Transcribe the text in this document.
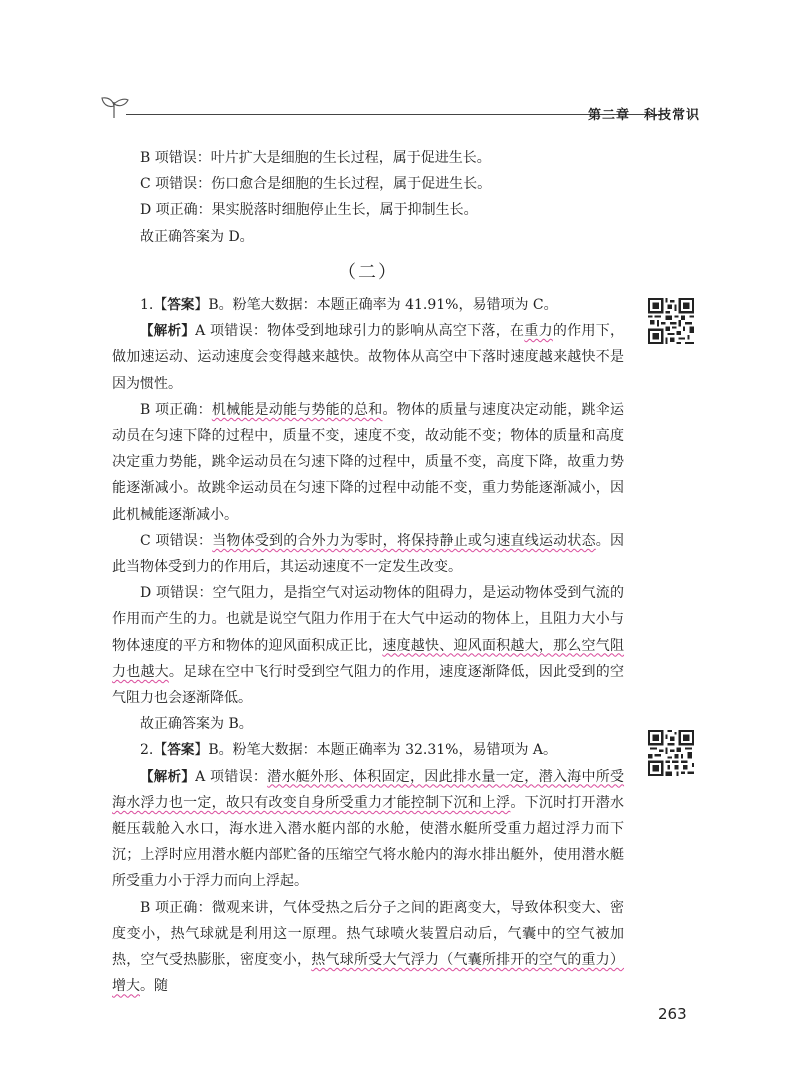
第二章 科技常识

B 项错误：叶片扩大是细胞的生长过程，属于促进生长。

C 项错误：伤口愈合是细胞的生长过程，属于促进生长。

D 项正确：果实脱落时细胞停止生长，属于抑制生长。

故正确答案为 D。

（二）

1.【答案】B。粉笔大数据：本题正确率为 41.91%，易错项为 C。

【解析】A 项错误：物体受到地球引力的影响从高空下落，在重力的作用下，做加速运动、运动速度会变得越来越快。故物体从高空中下落时速度越来越快不是因为惯性。

B 项正确：机械能是动能与势能的总和。物体的质量与速度决定动能，跳伞运动员在匀速下降的过程中，质量不变，速度不变，故动能不变；物体的质量和高度决定重力势能，跳伞运动员在匀速下降的过程中，质量不变，高度下降，故重力势能逐渐减小。故跳伞运动员在匀速下降的过程中动能不变，重力势能逐渐减小，因此机械能逐渐减小。

C 项错误：当物体受到的合外力为零时，将保持静止或匀速直线运动状态。因此当物体受到力的作用后，其运动速度不一定发生改变。

D 项错误：空气阻力，是指空气对运动物体的阻碍力，是运动物体受到气流的作用而产生的力。也就是说空气阻力作用于在大气中运动的物体上，且阻力大小与物体速度的平方和物体的迎风面积成正比，速度越快、迎风面积越大，那么空气阻力也越大。足球在空中飞行时受到空气阻力的作用，速度逐渐降低，因此受到的空气阻力也会逐渐降低。

故正确答案为 B。

2.【答案】B。粉笔大数据：本题正确率为 32.31%，易错项为 A。

【解析】A 项错误：潜水艇外形、体积固定，因此排水量一定，潜入海中所受海水浮力也一定，故只有改变自身所受重力才能控制下沉和上浮。下沉时打开潜水艇压载舱入水口，海水进入潜水艇内部的水舱，使潜水艇所受重力超过浮力而下沉；上浮时应用潜水艇内部贮备的压缩空气将水舱内的海水排出艇外，使用潜水艇所受重力小于浮力而向上浮起。

B 项正确：微观来讲，气体受热之后分子之间的距离变大，导致体积变大、密度变小，热气球就是利用这一原理。热气球喷火装置启动后，气囊中的空气被加热，空气受热膨胀，密度变小，热气球所受大气浮力（气囊所排开的空气的重力）增大。随

263
